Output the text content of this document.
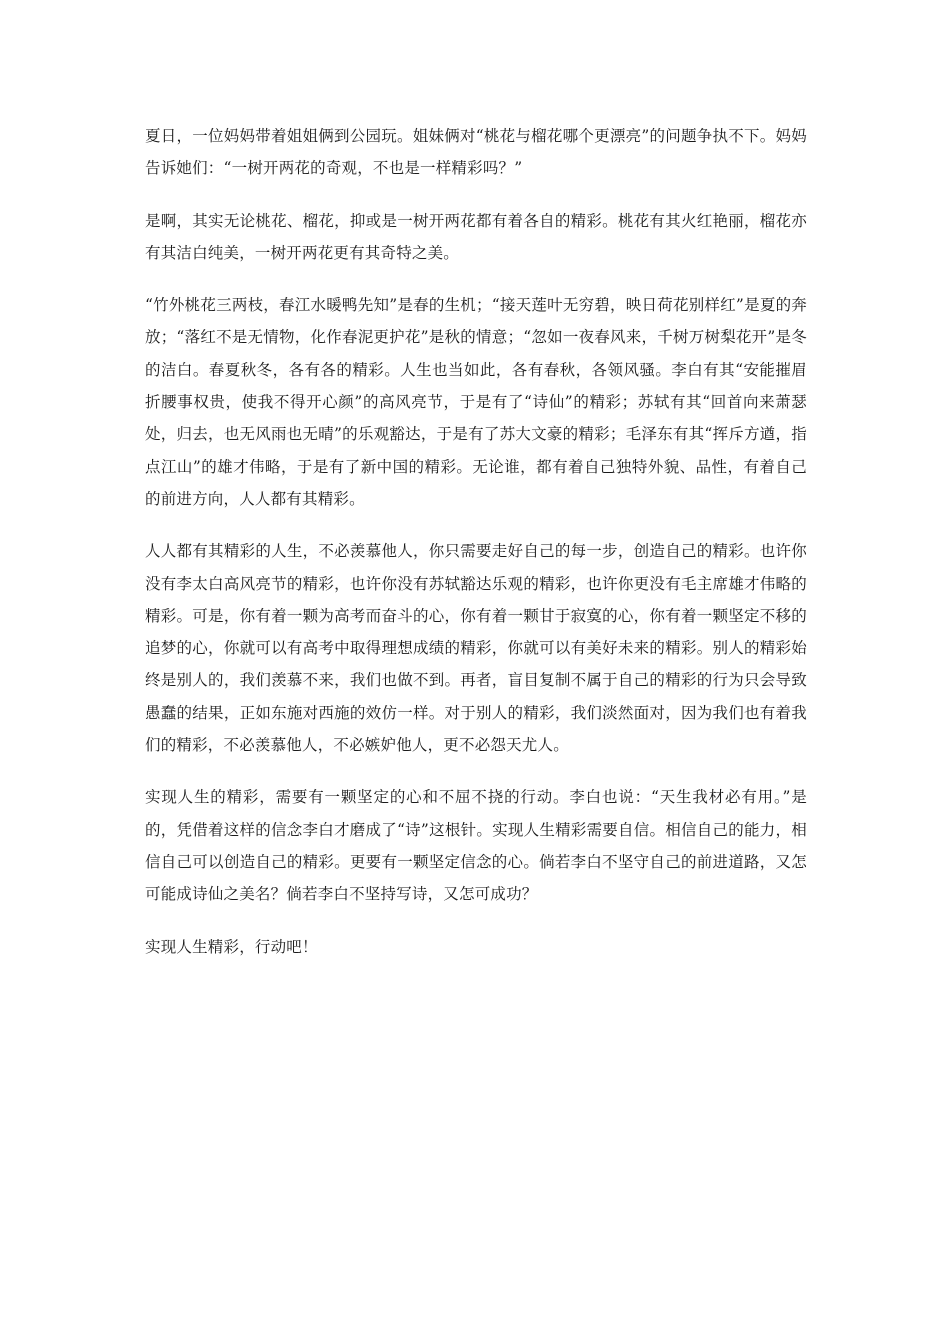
夏日，一位妈妈带着姐姐俩到公园玩。姐妹俩对“桃花与榴花哪个更漂亮”的问题争执不下。妈妈告诉她们：“一树开两花的奇观，不也是一样精彩吗？”

是啊，其实无论桃花、榴花，抑或是一树开两花都有着各自的精彩。桃花有其火红艳丽，榴花亦有其洁白纯美，一树开两花更有其奇特之美。

“竹外桃花三两枝，春江水暖鸭先知”是春的生机；“接天莲叶无穷碧，映日荷花别样红”是夏的奔放；“落红不是无情物，化作春泥更护花”是秋的情意；“忽如一夜春风来，千树万树梨花开”是冬的洁白。春夏秋冬，各有各的精彩。人生也当如此，各有春秋，各领风骚。李白有其“安能摧眉折腰事权贵，使我不得开心颜”的高风亮节，于是有了“诗仙”的精彩；苏轼有其“回首向来萧瑟处，归去，也无风雨也无晴”的乐观豁达，于是有了苏大文豪的精彩；毛泽东有其“挥斥方遒，指点江山”的雄才伟略，于是有了新中国的精彩。无论谁，都有着自己独特外貌、品性，有着自己的前进方向，人人都有其精彩。

人人都有其精彩的人生，不必羡慕他人，你只需要走好自己的每一步，创造自己的精彩。也许你没有李太白高风亮节的精彩，也许你没有苏轼豁达乐观的精彩，也许你更没有毛主席雄才伟略的精彩。可是，你有着一颗为高考而奋斗的心，你有着一颗甘于寂寞的心，你有着一颗坚定不移的追梦的心，你就可以有高考中取得理想成绩的精彩，你就可以有美好未来的精彩。别人的精彩始终是别人的，我们羡慕不来，我们也做不到。再者，盲目复制不属于自己的精彩的行为只会导致愚蠢的结果，正如东施对西施的效仿一样。对于别人的精彩，我们淡然面对，因为我们也有着我们的精彩，不必羡慕他人，不必嫉妒他人，更不必怨天尤人。

实现人生的精彩，需要有一颗坚定的心和不屈不挠的行动。李白也说：“天生我材必有用。”是的，凭借着这样的信念李白才磨成了“诗”这根针。实现人生精彩需要自信。相信自己的能力，相信自己可以创造自己的精彩。更要有一颗坚定信念的心。倘若李白不坚守自己的前进道路，又怎可能成诗仙之美名？倘若李白不坚持写诗，又怎可成功？

实现人生精彩，行动吧！
